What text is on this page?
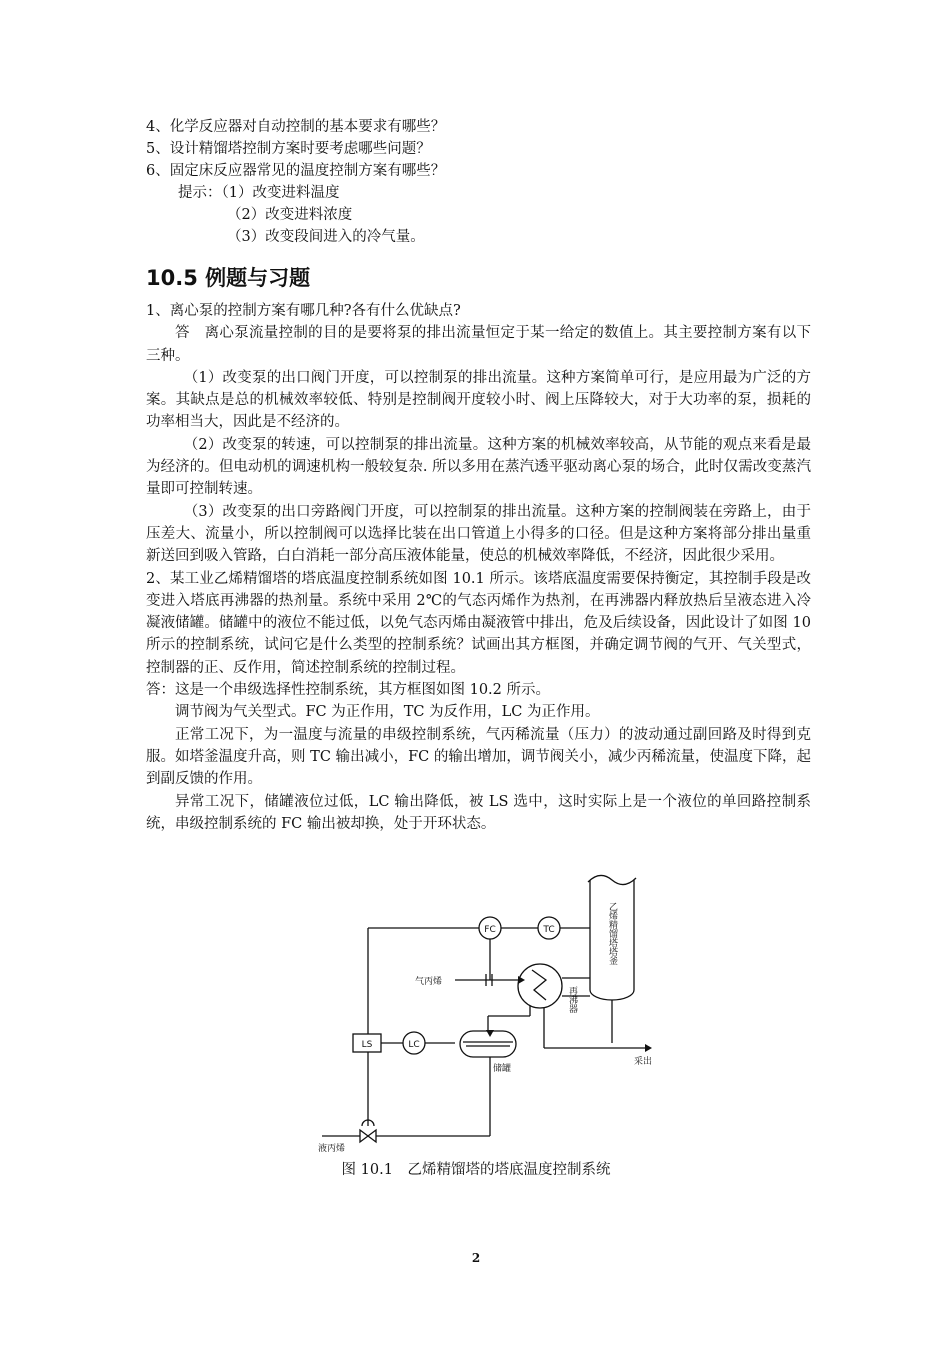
4、化学反应器对自动控制的基本要求有哪些？
5、设计精馏塔控制方案时要考虑哪些问题？
6、固定床反应器常见的温度控制方案有哪些？
提示：（1）改变进料温度
（2）改变进料浓度
（3）改变段间进入的冷气量。
10.5 例题与习题

1、离心泵的控制方案有哪几种?各有什么优缺点?

答　离心泵流量控制的目的是要将泵的排出流量恒定于某一给定的数值上。其主要控制方案有以下三种。

（1）改变泵的出口阀门开度，可以控制泵的排出流量。这种方案简单可行，是应用最为广泛的方案。其缺点是总的机械效率较低、特别是控制阀开度较小时、阀上压降较大，对于大功率的泵，损耗的功率相当大，因此是不经济的。

（2）改变泵的转速，可以控制泵的排出流量。这种方案的机械效率较高，从节能的观点来看是最为经济的。但电动机的调速机构一般较复杂. 所以多用在蒸汽透平驱动离心泵的场合，此时仅需改变蒸汽量即可控制转速。

（3）改变泵的出口旁路阀门开度，可以控制泵的排出流量。这种方案的控制阀装在旁路上，由于压差大、流量小，所以控制阀可以选择比装在出口管道上小得多的口径。但是这种方案将部分排出量重新送回到吸入管路，白白消耗一部分高压液体能量，使总的机械效率降低，不经济，因此很少采用。

2、某工业乙烯精馏塔的塔底温度控制系统如图 10.1 所示。该塔底温度需要保持衡定，其控制手段是改变进入塔底再沸器的热剂量。系统中采用 2℃的气态丙烯作为热剂，在再沸器内释放热后呈液态进入冷凝液储罐。储罐中的液位不能过低，以免气态丙烯由凝液管中排出，危及后续设备，因此设计了如图 10 所示的控制系统，试问它是什么类型的控制系统？试画出其方框图，并确定调节阀的气开、气关型式，控制器的正、反作用，简述控制系统的控制过程。

答：这是一个串级选择性控制系统，其方框图如图 10.2 所示。

调节阀为气关型式。FC 为正作用，TC 为反作用，LC 为正作用。

正常工况下，为一温度与流量的串级控制系统，气丙稀流量（压力）的波动通过副回路及时得到克服。如塔釜温度升高，则 TC 输出减小，FC 的输出增加，调节阀关小，减少丙稀流量，使温度下降，起到副反馈的作用。

异常工况下，储罐液位过低，LC 输出降低，被 LS 选中，这时实际上是一个液位的单回路控制系统，串级控制系统的 FC 输出被却换，处于开环状态。

FC	TC
LS	LC
气丙烯
液丙烯
储罐
采出
再沸器
乙烯精馏塔塔釜
图 10.1　乙烯精馏塔的塔底温度控制系统
2
